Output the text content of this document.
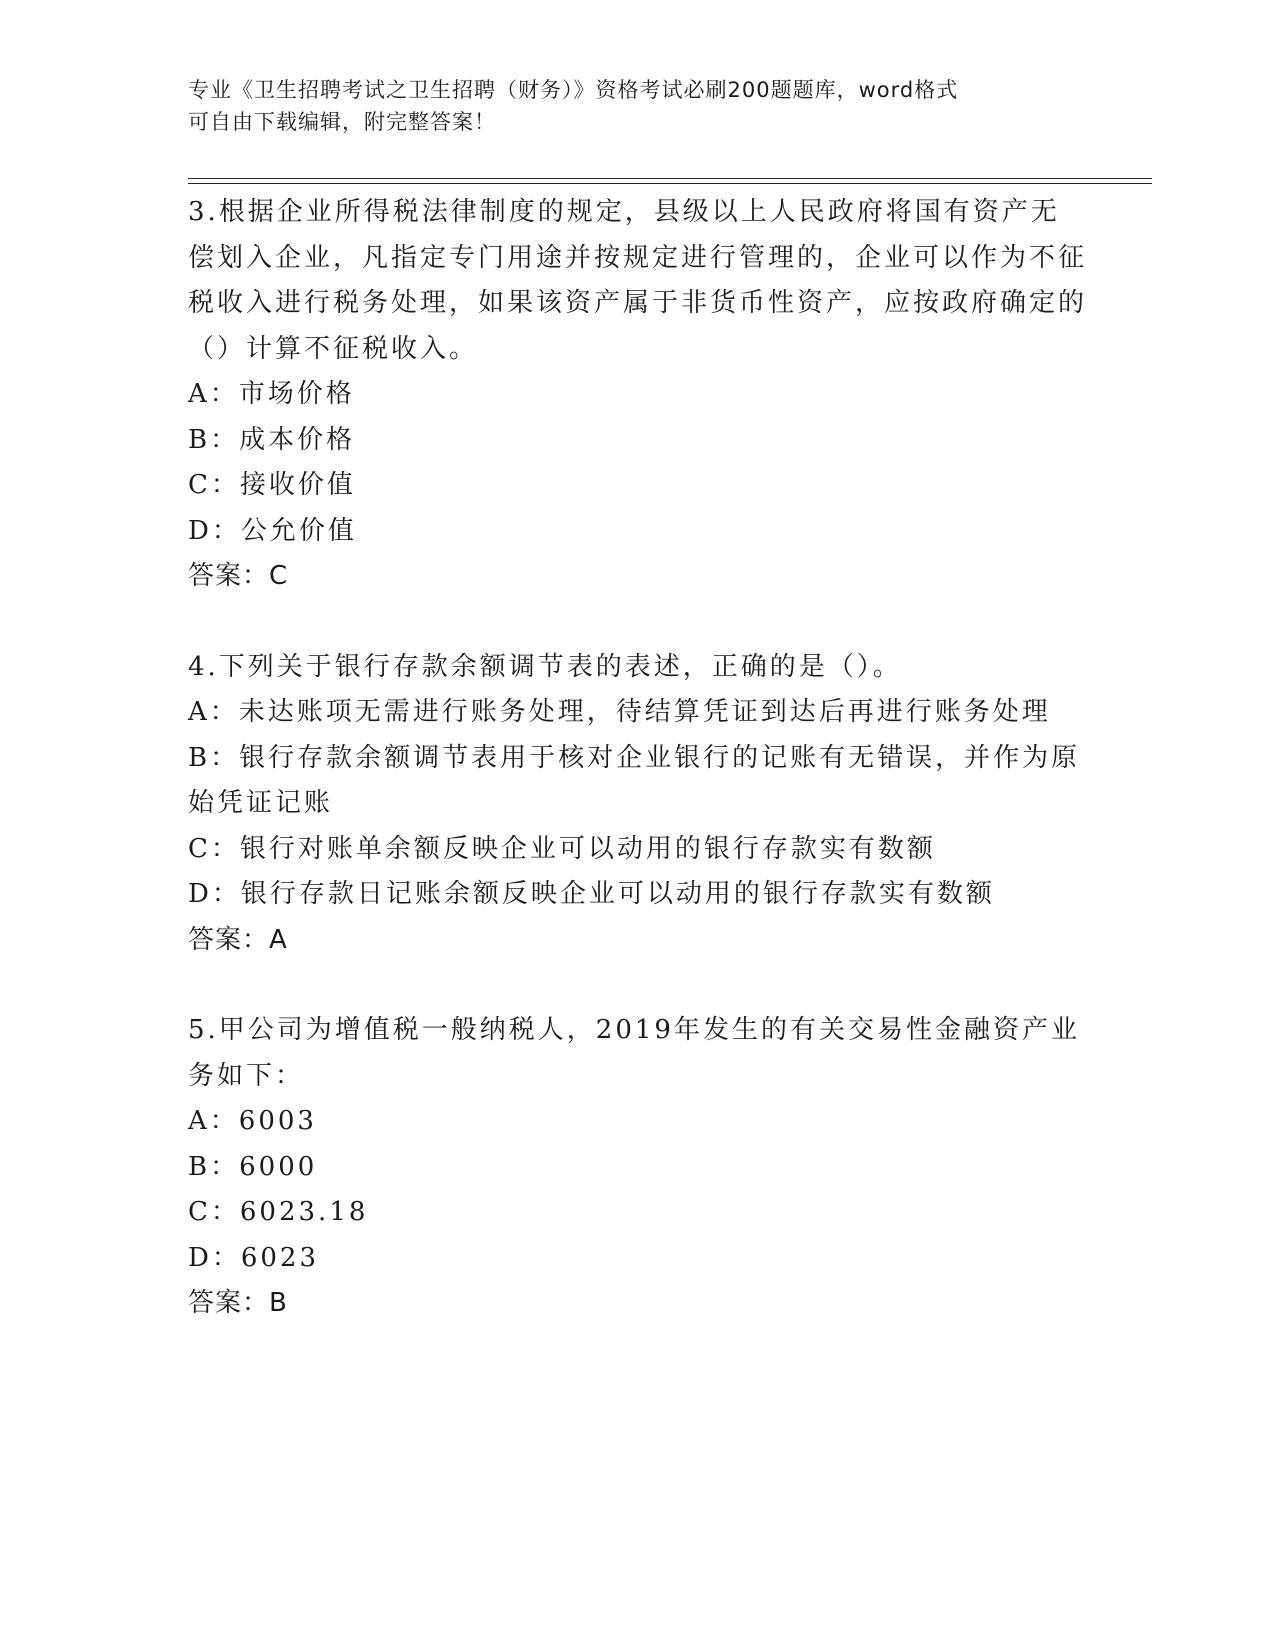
专业《卫生招聘考试之卫生招聘（财务）》资格考试必刷200题题库，word格式
可自由下载编辑，附完整答案！

3.根据企业所得税法律制度的规定，县级以上人民政府将国有资产无偿划入企业，凡指定专门用途并按规定进行管理的，企业可以作为不征税收入进行税务处理，如果该资产属于非货币性资产，应按政府确定的（）计算不征税收入。

A：市场价格

B：成本价格

C：接收价值

D：公允价值

答案：C

4.下列关于银行存款余额调节表的表述，正确的是（）。

A：未达账项无需进行账务处理，待结算凭证到达后再进行账务处理

B：银行存款余额调节表用于核对企业银行的记账有无错误，并作为原始凭证记账

C：银行对账单余额反映企业可以动用的银行存款实有数额

D：银行存款日记账余额反映企业可以动用的银行存款实有数额

答案：A

5.甲公司为增值税一般纳税人，2019年发生的有关交易性金融资产业务如下：

A：6003

B：6000

C：6023.18

D：6023

答案：B
